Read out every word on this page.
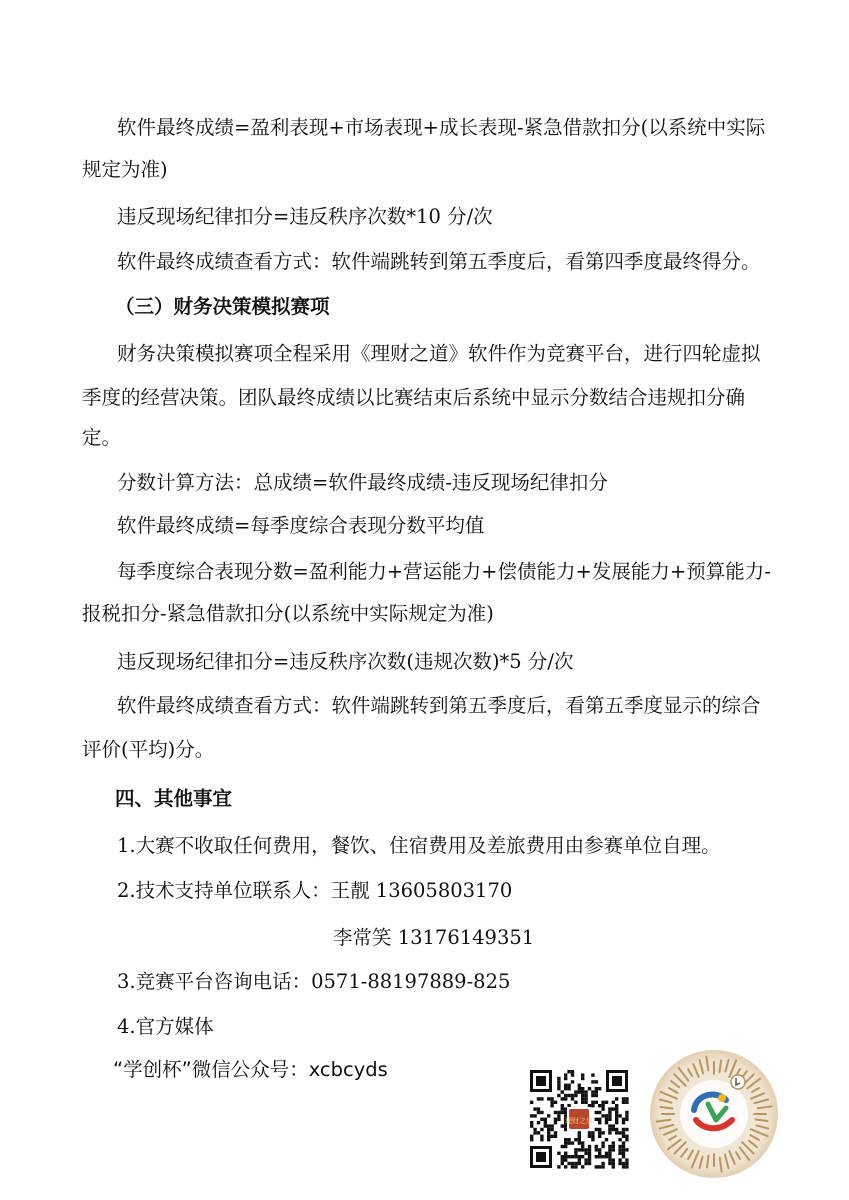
软件最终成绩=盈利表现+市场表现+成长表现-紧急借款扣分(以系统中实际
规定为准)
违反现场纪律扣分=违反秩序次数*10 分/次
软件最终成绩查看方式：软件端跳转到第五季度后，看第四季度最终得分。
（三）财务决策模拟赛项
财务决策模拟赛项全程采用《理财之道》软件作为竞赛平台，进行四轮虚拟
季度的经营决策。团队最终成绩以比赛结束后系统中显示分数结合违规扣分确
定。
分数计算方法：总成绩=软件最终成绩-违反现场纪律扣分
软件最终成绩=每季度综合表现分数平均值
每季度综合表现分数=盈利能力+营运能力+偿债能力+发展能力+预算能力-
报税扣分-紧急借款扣分(以系统中实际规定为准)
违反现场纪律扣分=违反秩序次数(违规次数)*5 分/次
软件最终成绩查看方式：软件端跳转到第五季度后，看第五季度显示的综合
评价(平均)分。
四、其他事宜
1.大赛不收取任何费用，餐饮、住宿费用及差旅费用由参赛单位自理。
2.技术支持单位联系人：王靓 13605803170
李常笑 13176149351
3.竞赛平台咨询电话：0571-88197889-825
4.官方媒体
“学创杯”微信公众号：xcbcyds
理财之道
